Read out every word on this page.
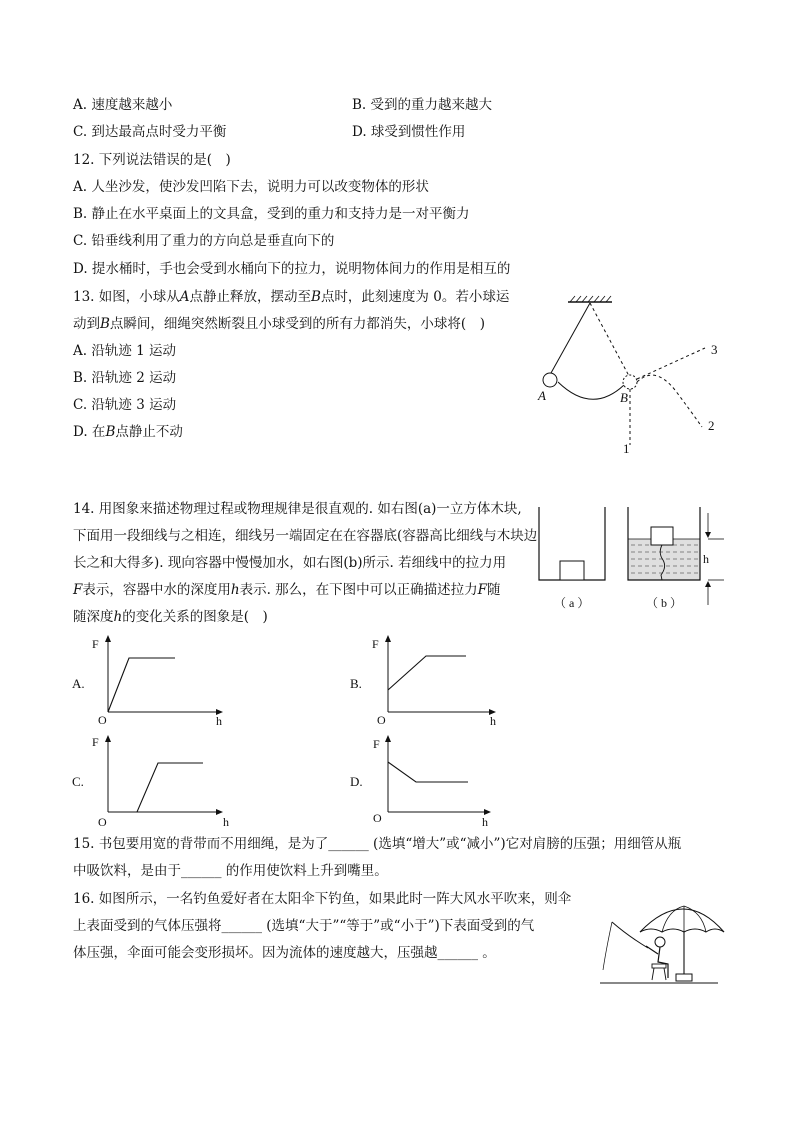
A. 速度越来越小	B. 受到的重力越来越大
C. 到达最高点时受力平衡	D. 球受到惯性作用
12. 下列说法错误的是(　)
A. 人坐沙发，使沙发凹陷下去，说明力可以改变物体的形状
B. 静止在水平桌面上的文具盒，受到的重力和支持力是一对平衡力
C. 铅垂线利用了重力的方向总是垂直向下的
D. 提水桶时，手也会受到水桶向下的拉力，说明物体间力的作用是相互的
13. 如图，小球从A点静止释放，摆动至B点时，此刻速度为 0。若小球运
动到B点瞬间，细绳突然断裂且小球受到的所有力都消失，小球将(　)
A. 沿轨迹 1 运动
B. 沿轨迹 2 运动
C. 沿轨迹 3 运动
D. 在B点静止不动
A	B
1
2
3
14. 用图象来描述物理过程或物理规律是很直观的. 如右图(a)一立方体木块,
下面用一段细线与之相连，细线另一端固定在在容器底(容器高比细线与木块边
长之和大得多). 现向容器中慢慢加水，如右图(b)所示. 若细线中的拉力用
F表示，容器中水的深度用h表示. 那么，在下图中可以正确描述拉力F随
随深度h的变化关系的图象是(　)
（ a ）
h
（ b ）
A.
F
O	h
B.
F
O	h
C.
F
O	h
D.
F
O	h
15. 书包要用宽的背带而不用细绳，是为了______ (选填“增大”或“减小”)它对肩膀的压强；用细管从瓶
中吸饮料，是由于______ 的作用使饮料上升到嘴里。
16. 如图所示，一名钓鱼爱好者在太阳伞下钓鱼，如果此时一阵大风水平吹来，则伞
上表面受到的气体压强将______ (选填“大于”“等于”或“小于”)下表面受到的气
体压强，伞面可能会变形损坏。因为流体的速度越大，压强越______ 。
